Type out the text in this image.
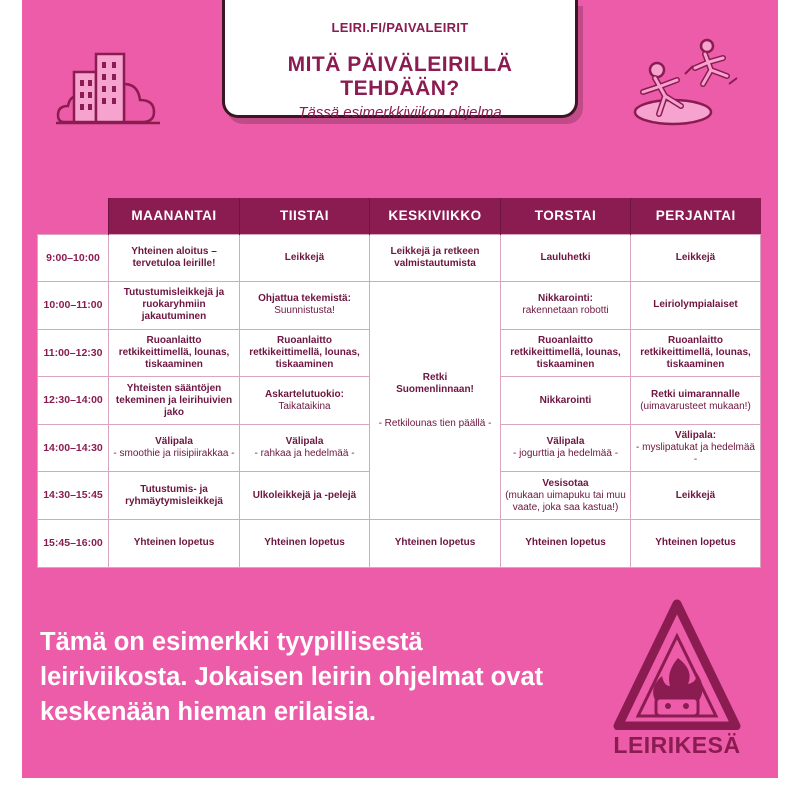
LEIRI.FI/PAIVALEIRIT
MITÄ PÄIVÄLEIRILLÄ TEHDÄÄN?
Tässä esimerkkiviikon ohjelma
	MAANANTAI	TIISTAI	KESKIVIIKKO	TORSTAI	PERJANTAI
9:00–10:00	Yhteinen aloitus – tervetuloa leirille!	Leikkejä	Leikkejä ja retkeen valmistautumista	Lauluhetki	Leikkejä

10:00–11:00	Tutustumisleikkejä ja ruokaryhmiin jakautuminen	Ohjattua tekemistä:
Suunnistusta!	Retki Suomenlinnaan!
- Retkilounas tien päällä -	Nikkarointi:
rakennetaan robotti	Leiriolympialaiset

11:00–12:30	Ruoanlaitto retkikeittimellä, lounas, tiskaaminen	Ruoanlaitto retkikeittimellä, lounas, tiskaaminen		Ruoanlaitto retkikeittimellä, lounas, tiskaaminen	Ruoanlaitto retkikeittimellä, lounas, tiskaaminen

12:30–14:00	Yhteisten sääntöjen tekeminen ja leirihuivien jako	Askartelutuokio:
Taikataikina		Nikkarointi	Retki uimarannalle
(uimavarusteet mukaan!)

14:00–14:30	Välipala
- smoothie ja riisipiirakkaa -	Välipala
- rahkaa ja hedelmää -		Välipala
- jogurttia ja hedelmää -	Välipala:
- myslipatukat ja hedelmää -

14:30–15:45	Tutustumis- ja ryhmäytymisleikkejä	Ulkoleikkejä ja -pelejä		Vesisotaa
(mukaan uimapuku tai muu vaate, joka saa kastua!)	Leikkejä

15:45–16:00	Yhteinen lopetus	Yhteinen lopetus	Yhteinen lopetus	Yhteinen lopetus	Yhteinen lopetus
Tämä on esimerkki tyypillisestä leiriviikosta. Jokaisen leirin ohjelmat ovat keskenään hieman erilaisia.
LEIRIKESÄ
